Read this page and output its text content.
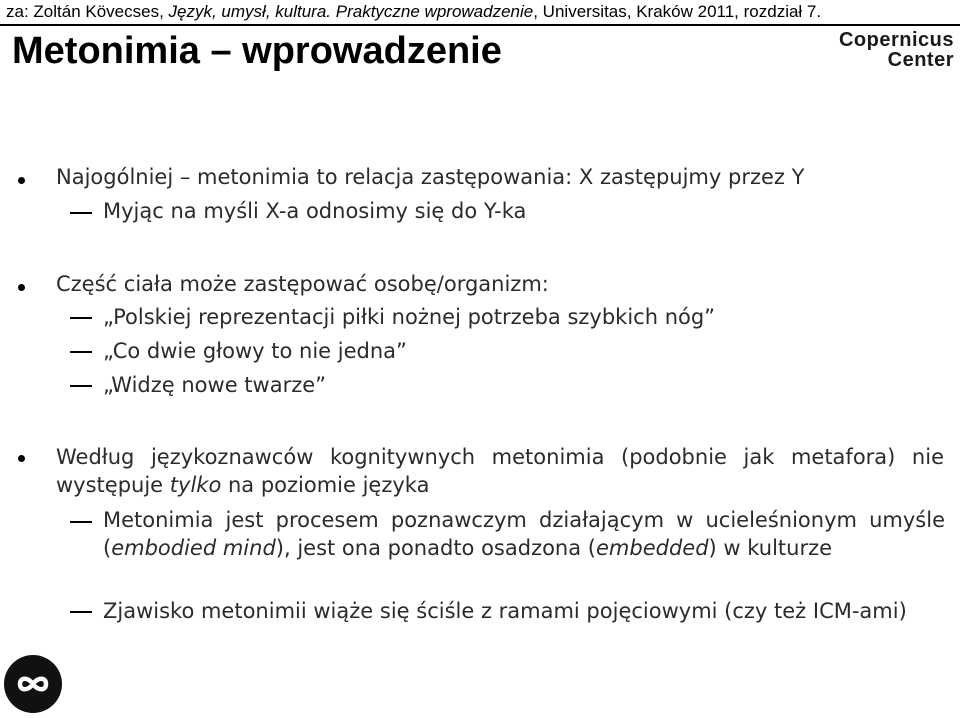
za: Zoltán Kövecses, Język, umysł, kultura. Praktyczne wprowadzenie, Universitas, Kraków 2011, rozdział 7.
Metonimia – wprowadzenie	Copernicus
Center
Najogólniej – metonimia to relacja zastępowania: X zastępujmy przez Y
Myjąc na myśli X-a odnosimy się do Y-ka
Część ciała może zastępować osobę/organizm:
„Polskiej reprezentacji piłki nożnej potrzeba szybkich nóg”
„Co dwie głowy to nie jedna”
„Widzę nowe twarze”
Według językoznawców kognitywnych metonimia (podobnie jak metafora) nie występuje tylko na poziomie języka
Metonimia jest procesem poznawczym działającym w ucieleśnionym umyśle (embodied mind), jest ona ponadto osadzona (embedded) w kulturze
Zjawisko metonimii wiąże się ściśle z ramami pojęciowymi (czy też ICM-ami)
